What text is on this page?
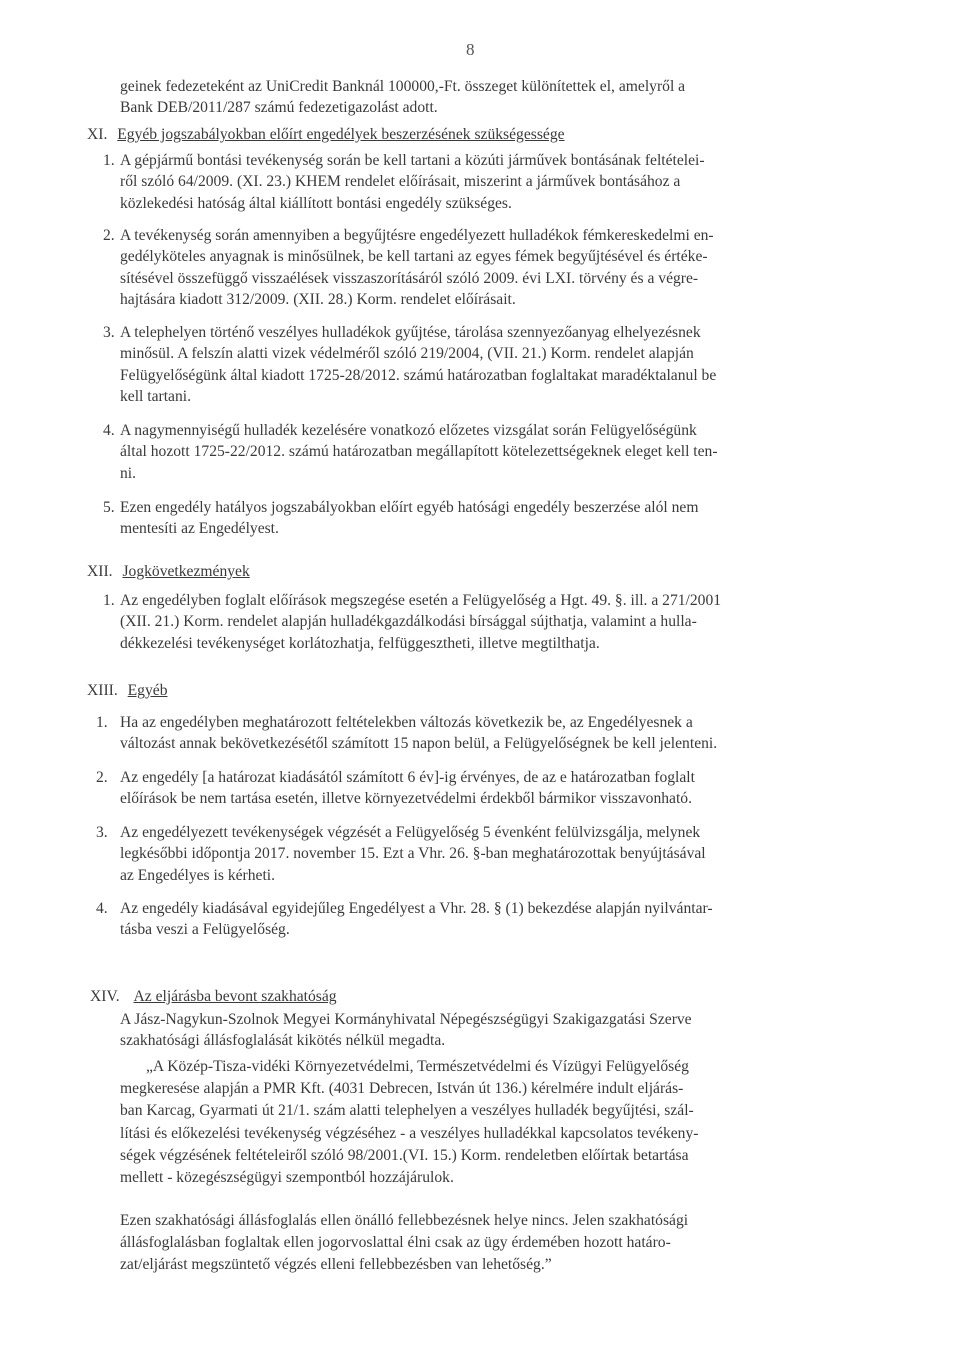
8
geinek fedezeteként az UniCredit Banknál 100000,-Ft. összeget különítettek el, amelyről a
Bank DEB/2011/287 számú fedezetigazolást adott.
XI. Egyéb jogszabályokban előírt engedélyek beszerzésének szükségessége
1. A gépjármű bontási tevékenység során be kell tartani a közúti járművek bontásának feltételei-
ről szóló 64/2009. (XI. 23.) KHEM rendelet előírásait, miszerint a járművek bontásához a
közlekedési hatóság által kiállított bontási engedély szükséges.
2. A tevékenység során amennyiben a begyűjtésre engedélyezett hulladékok fémkereskedelmi en-
gedélyköteles anyagnak is minősülnek, be kell tartani az egyes fémek begyűjtésével és értéke-
sítésével összefüggő visszaélések visszaszorításáról szóló 2009. évi LXI. törvény és a végre-
hajtására kiadott 312/2009. (XII. 28.) Korm. rendelet előírásait.
3. A telephelyen történő veszélyes hulladékok gyűjtése, tárolása szennyezőanyag elhelyezésnek
minősül. A felszín alatti vizek védelméről szóló 219/2004, (VII. 21.) Korm. rendelet alapján
Felügyelőségünk által kiadott 1725-28/2012. számú határozatban foglaltakat maradéktalanul be
kell tartani.
4. A nagymennyiségű hulladék kezelésére vonatkozó előzetes vizsgálat során Felügyelőségünk
által hozott 1725-22/2012. számú határozatban megállapított kötelezettségeknek eleget kell ten-
ni.
5. Ezen engedély hatályos jogszabályokban előírt egyéb hatósági engedély beszerzése alól nem
mentesíti az Engedélyest.
XII. Jogkövetkezmények
1. Az engedélyben foglalt előírások megszegése esetén a Felügyelőség a Hgt. 49. §. ill. a 271/2001
(XII. 21.) Korm. rendelet alapján hulladékgazdálkodási bírsággal sújthatja, valamint a hulla-
dékkezelési tevékenységet korlátozhatja, felfüggesztheti, illetve megtilthatja.
XIII. Egyéb
1. Ha az engedélyben meghatározott feltételekben változás következik be, az Engedélyesnek a
változást annak bekövetkezésétől számított 15 napon belül, a Felügyelőségnek be kell jelenteni.
2. Az engedély [a határozat kiadásától számított 6 év]-ig érvényes, de az e határozatban foglalt
előírások be nem tartása esetén, illetve környezetvédelmi érdekből bármikor visszavonható.
3. Az engedélyezett tevékenységek végzését a Felügyelőség 5 évenként felülvizsgálja, melynek
legkésőbbi időpontja 2017. november 15. Ezt a Vhr. 26. §-ban meghatározottak benyújtásával
az Engedélyes is kérheti.
4. Az engedély kiadásával egyidejűleg Engedélyest a Vhr. 28. § (1) bekezdése alapján nyilvántar-
tásba veszi a Felügyelőség.
XIV. Az eljárásba bevont szakhatóság
A Jász-Nagykun-Szolnok Megyei Kormányhivatal Népegészségügyi Szakigazgatási Szerve
szakhatósági állásfoglalását kikötés nélkül megadta.
„A Közép-Tisza-vidéki Környezetvédelmi, Természetvédelmi és Vízügyi Felügyelőség
megkeresése alapján a PMR Kft. (4031 Debrecen, István út 136.) kérelmére indult eljárás-
ban Karcag, Gyarmati út 21/1. szám alatti telephelyen a veszélyes hulladék begyűjtési, szál-
lítási és előkezelési tevékenység végzéséhez - a veszélyes hulladékkal kapcsolatos tevékeny-
ségek végzésének feltételeiről szóló 98/2001.(VI. 15.) Korm. rendeletben előírtak betartása
mellett - közegészségügyi szempontból hozzájárulok.
Ezen szakhatósági állásfoglalás ellen önálló fellebbezésnek helye nincs. Jelen szakhatósági
állásfoglalásban foglaltak ellen jogorvoslattal élni csak az ügy érdemében hozott határo-
zat/eljárást megszüntető végzés elleni fellebbezésben van lehetőség.”
